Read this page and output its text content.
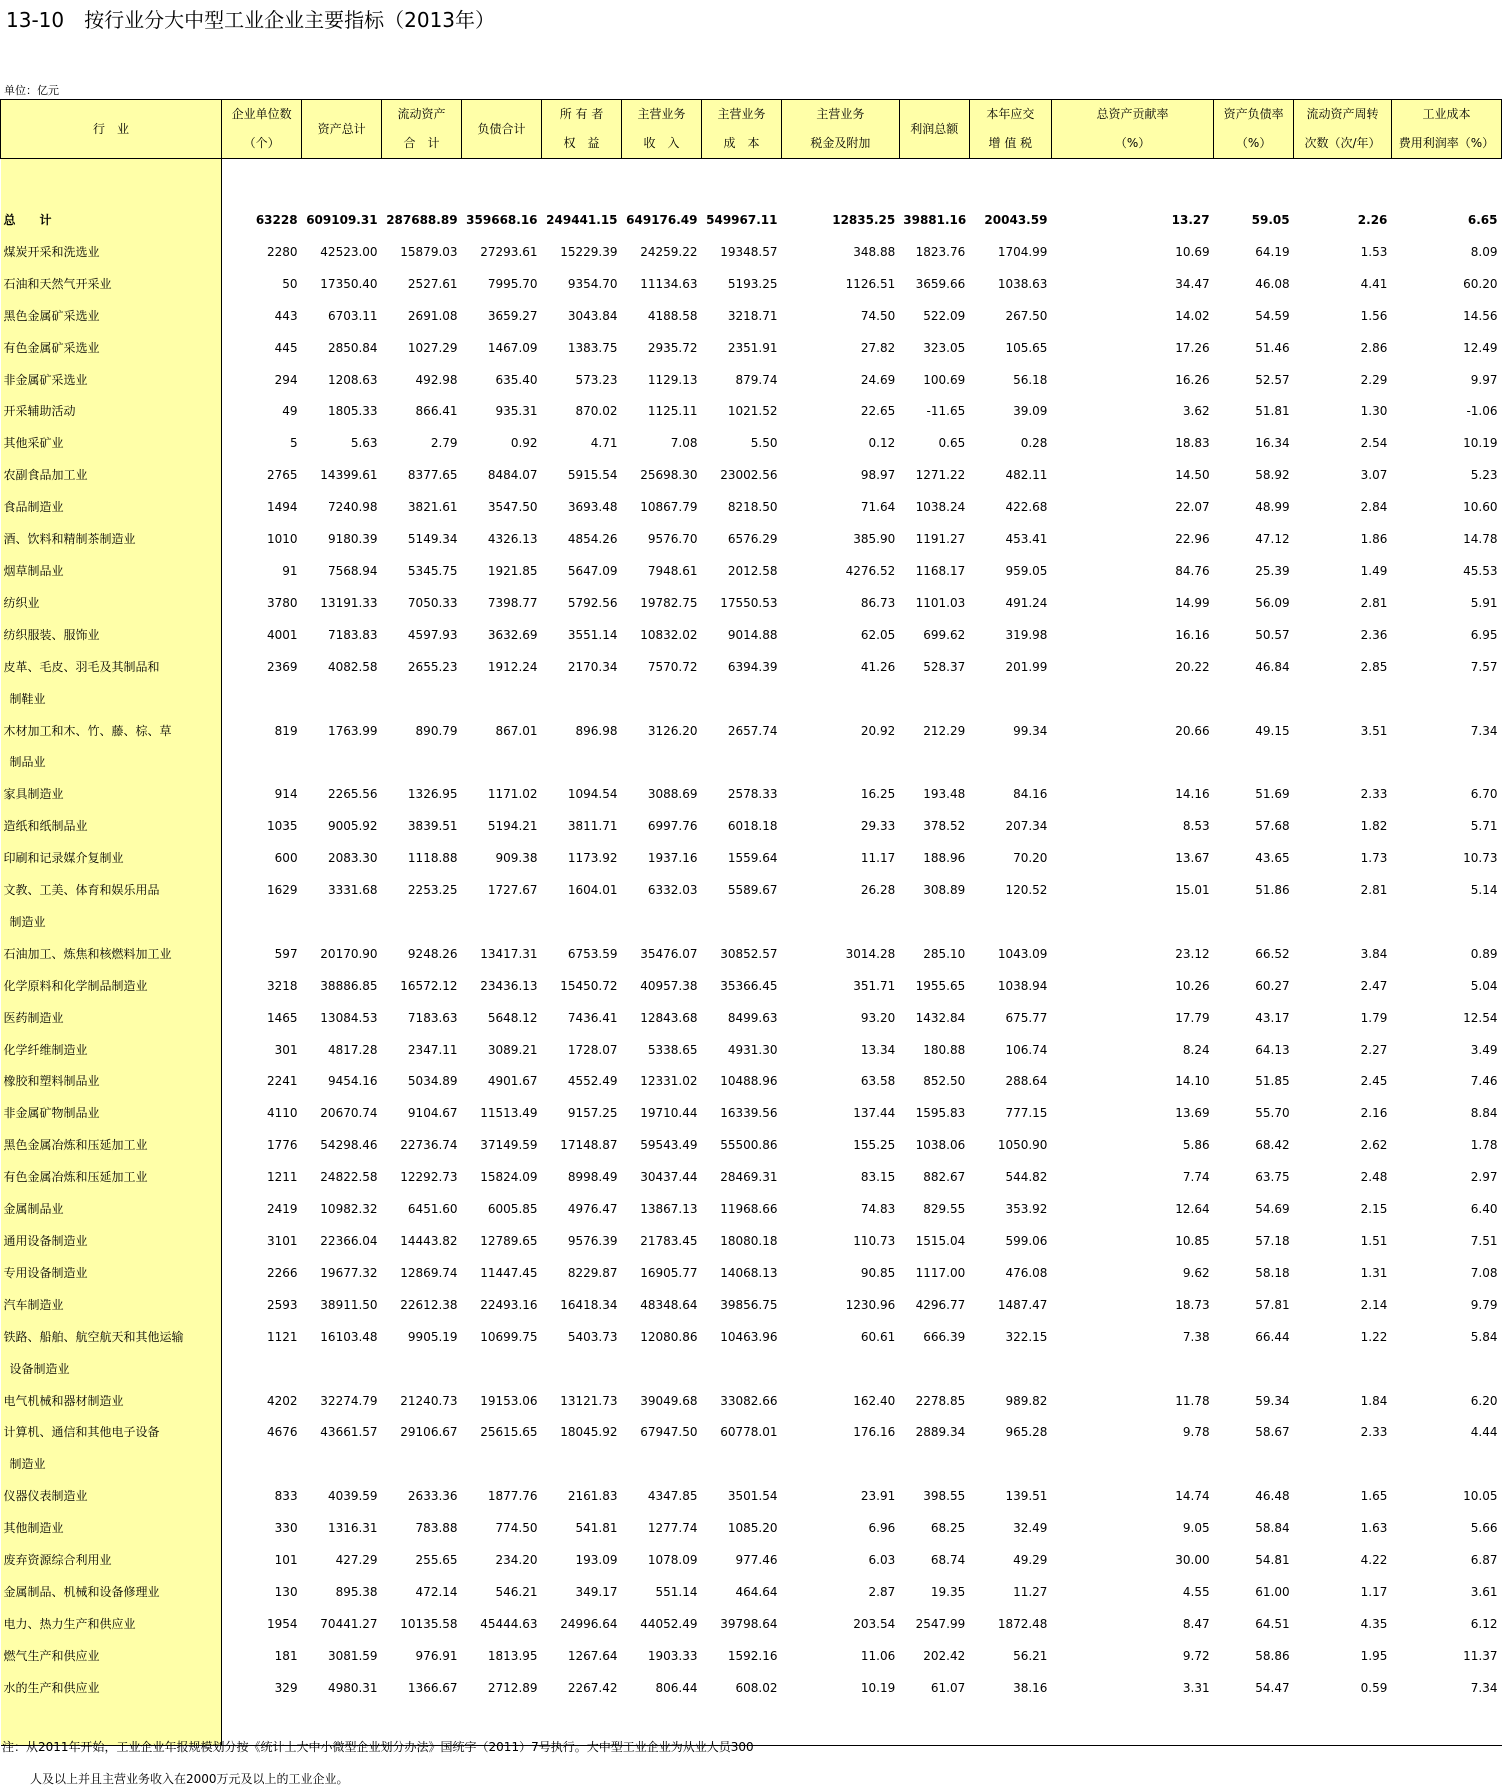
13-10　按行业分大中型工业企业主要指标（2013年）
单位：亿元
行　业	企业单位数	资产总计	流动资产	负债合计	所 有 者	主营业务	主营业务	主营业务	利润总额	本年应交	总资产贡献率	资产负债率	流动资产周转	工业成本
	（个）		合　计		权　益	收　入	成　本	税金及附加		增 值 税	（%）	（%）	次数（次/年）	费用利润率（%）

总　　计	63228	609109.31	287688.89	359668.16	249441.15	649176.49	549967.11	12835.25	39881.16	20043.59	13.27	59.05	2.26	6.65
煤炭开采和洗选业	2280	42523.00	15879.03	27293.61	15229.39	24259.22	19348.57	348.88	1823.76	1704.99	10.69	64.19	1.53	8.09
石油和天然气开采业	50	17350.40	2527.61	7995.70	9354.70	11134.63	5193.25	1126.51	3659.66	1038.63	34.47	46.08	4.41	60.20
黑色金属矿采选业	443	6703.11	2691.08	3659.27	3043.84	4188.58	3218.71	74.50	522.09	267.50	14.02	54.59	1.56	14.56
有色金属矿采选业	445	2850.84	1027.29	1467.09	1383.75	2935.72	2351.91	27.82	323.05	105.65	17.26	51.46	2.86	12.49
非金属矿采选业	294	1208.63	492.98	635.40	573.23	1129.13	879.74	24.69	100.69	56.18	16.26	52.57	2.29	9.97
开采辅助活动	49	1805.33	866.41	935.31	870.02	1125.11	1021.52	22.65	-11.65	39.09	3.62	51.81	1.30	-1.06
其他采矿业	5	5.63	2.79	0.92	4.71	7.08	5.50	0.12	0.65	0.28	18.83	16.34	2.54	10.19
农副食品加工业	2765	14399.61	8377.65	8484.07	5915.54	25698.30	23002.56	98.97	1271.22	482.11	14.50	58.92	3.07	5.23
食品制造业	1494	7240.98	3821.61	3547.50	3693.48	10867.79	8218.50	71.64	1038.24	422.68	22.07	48.99	2.84	10.60
酒、饮料和精制茶制造业	1010	9180.39	5149.34	4326.13	4854.26	9576.70	6576.29	385.90	1191.27	453.41	22.96	47.12	1.86	14.78
烟草制品业	91	7568.94	5345.75	1921.85	5647.09	7948.61	2012.58	4276.52	1168.17	959.05	84.76	25.39	1.49	45.53
纺织业	3780	13191.33	7050.33	7398.77	5792.56	19782.75	17550.53	86.73	1101.03	491.24	14.99	56.09	2.81	5.91
纺织服装、服饰业	4001	7183.83	4597.93	3632.69	3551.14	10832.02	9014.88	62.05	699.62	319.98	16.16	50.57	2.36	6.95
皮革、毛皮、羽毛及其制品和	2369	4082.58	2655.23	1912.24	2170.34	7570.72	6394.39	41.26	528.37	201.99	20.22	46.84	2.85	7.57
制鞋业														
木材加工和木、竹、藤、棕、草	819	1763.99	890.79	867.01	896.98	3126.20	2657.74	20.92	212.29	99.34	20.66	49.15	3.51	7.34
制品业														
家具制造业	914	2265.56	1326.95	1171.02	1094.54	3088.69	2578.33	16.25	193.48	84.16	14.16	51.69	2.33	6.70
造纸和纸制品业	1035	9005.92	3839.51	5194.21	3811.71	6997.76	6018.18	29.33	378.52	207.34	8.53	57.68	1.82	5.71
印刷和记录媒介复制业	600	2083.30	1118.88	909.38	1173.92	1937.16	1559.64	11.17	188.96	70.20	13.67	43.65	1.73	10.73
文教、工美、体育和娱乐用品	1629	3331.68	2253.25	1727.67	1604.01	6332.03	5589.67	26.28	308.89	120.52	15.01	51.86	2.81	5.14
制造业														
石油加工、炼焦和核燃料加工业	597	20170.90	9248.26	13417.31	6753.59	35476.07	30852.57	3014.28	285.10	1043.09	23.12	66.52	3.84	0.89
化学原料和化学制品制造业	3218	38886.85	16572.12	23436.13	15450.72	40957.38	35366.45	351.71	1955.65	1038.94	10.26	60.27	2.47	5.04
医药制造业	1465	13084.53	7183.63	5648.12	7436.41	12843.68	8499.63	93.20	1432.84	675.77	17.79	43.17	1.79	12.54
化学纤维制造业	301	4817.28	2347.11	3089.21	1728.07	5338.65	4931.30	13.34	180.88	106.74	8.24	64.13	2.27	3.49
橡胶和塑料制品业	2241	9454.16	5034.89	4901.67	4552.49	12331.02	10488.96	63.58	852.50	288.64	14.10	51.85	2.45	7.46
非金属矿物制品业	4110	20670.74	9104.67	11513.49	9157.25	19710.44	16339.56	137.44	1595.83	777.15	13.69	55.70	2.16	8.84
黑色金属冶炼和压延加工业	1776	54298.46	22736.74	37149.59	17148.87	59543.49	55500.86	155.25	1038.06	1050.90	5.86	68.42	2.62	1.78
有色金属冶炼和压延加工业	1211	24822.58	12292.73	15824.09	8998.49	30437.44	28469.31	83.15	882.67	544.82	7.74	63.75	2.48	2.97
金属制品业	2419	10982.32	6451.60	6005.85	4976.47	13867.13	11968.66	74.83	829.55	353.92	12.64	54.69	2.15	6.40
通用设备制造业	3101	22366.04	14443.82	12789.65	9576.39	21783.45	18080.18	110.73	1515.04	599.06	10.85	57.18	1.51	7.51
专用设备制造业	2266	19677.32	12869.74	11447.45	8229.87	16905.77	14068.13	90.85	1117.00	476.08	9.62	58.18	1.31	7.08
汽车制造业	2593	38911.50	22612.38	22493.16	16418.34	48348.64	39856.75	1230.96	4296.77	1487.47	18.73	57.81	2.14	9.79
铁路、船舶、航空航天和其他运输	1121	16103.48	9905.19	10699.75	5403.73	12080.86	10463.96	60.61	666.39	322.15	7.38	66.44	1.22	5.84
设备制造业														
电气机械和器材制造业	4202	32274.79	21240.73	19153.06	13121.73	39049.68	33082.66	162.40	2278.85	989.82	11.78	59.34	1.84	6.20
计算机、通信和其他电子设备	4676	43661.57	29106.67	25615.65	18045.92	67947.50	60778.01	176.16	2889.34	965.28	9.78	58.67	2.33	4.44
制造业														
仪器仪表制造业	833	4039.59	2633.36	1877.76	2161.83	4347.85	3501.54	23.91	398.55	139.51	14.74	46.48	1.65	10.05
其他制造业	330	1316.31	783.88	774.50	541.81	1277.74	1085.20	6.96	68.25	32.49	9.05	58.84	1.63	5.66
废弃资源综合利用业	101	427.29	255.65	234.20	193.09	1078.09	977.46	6.03	68.74	49.29	30.00	54.81	4.22	6.87
金属制品、机械和设备修理业	130	895.38	472.14	546.21	349.17	551.14	464.64	2.87	19.35	11.27	4.55	61.00	1.17	3.61
电力、热力生产和供应业	1954	70441.27	10135.58	45444.63	24996.64	44052.49	39798.64	203.54	2547.99	1872.48	8.47	64.51	4.35	6.12
燃气生产和供应业	181	3081.59	976.91	1813.95	1267.64	1903.33	1592.16	11.06	202.42	56.21	9.72	58.86	1.95	11.37
水的生产和供应业	329	4980.31	1366.67	2712.89	2267.42	806.44	608.02	10.19	61.07	38.16	3.31	54.47	0.59	7.34

注：从2011年开始，工业企业年报规模划分按《统计上大中小微型企业划分办法》国统字（2011）7号执行。大中型工业企业为从业人员300
人及以上并且主营业务收入在2000万元及以上的工业企业。
